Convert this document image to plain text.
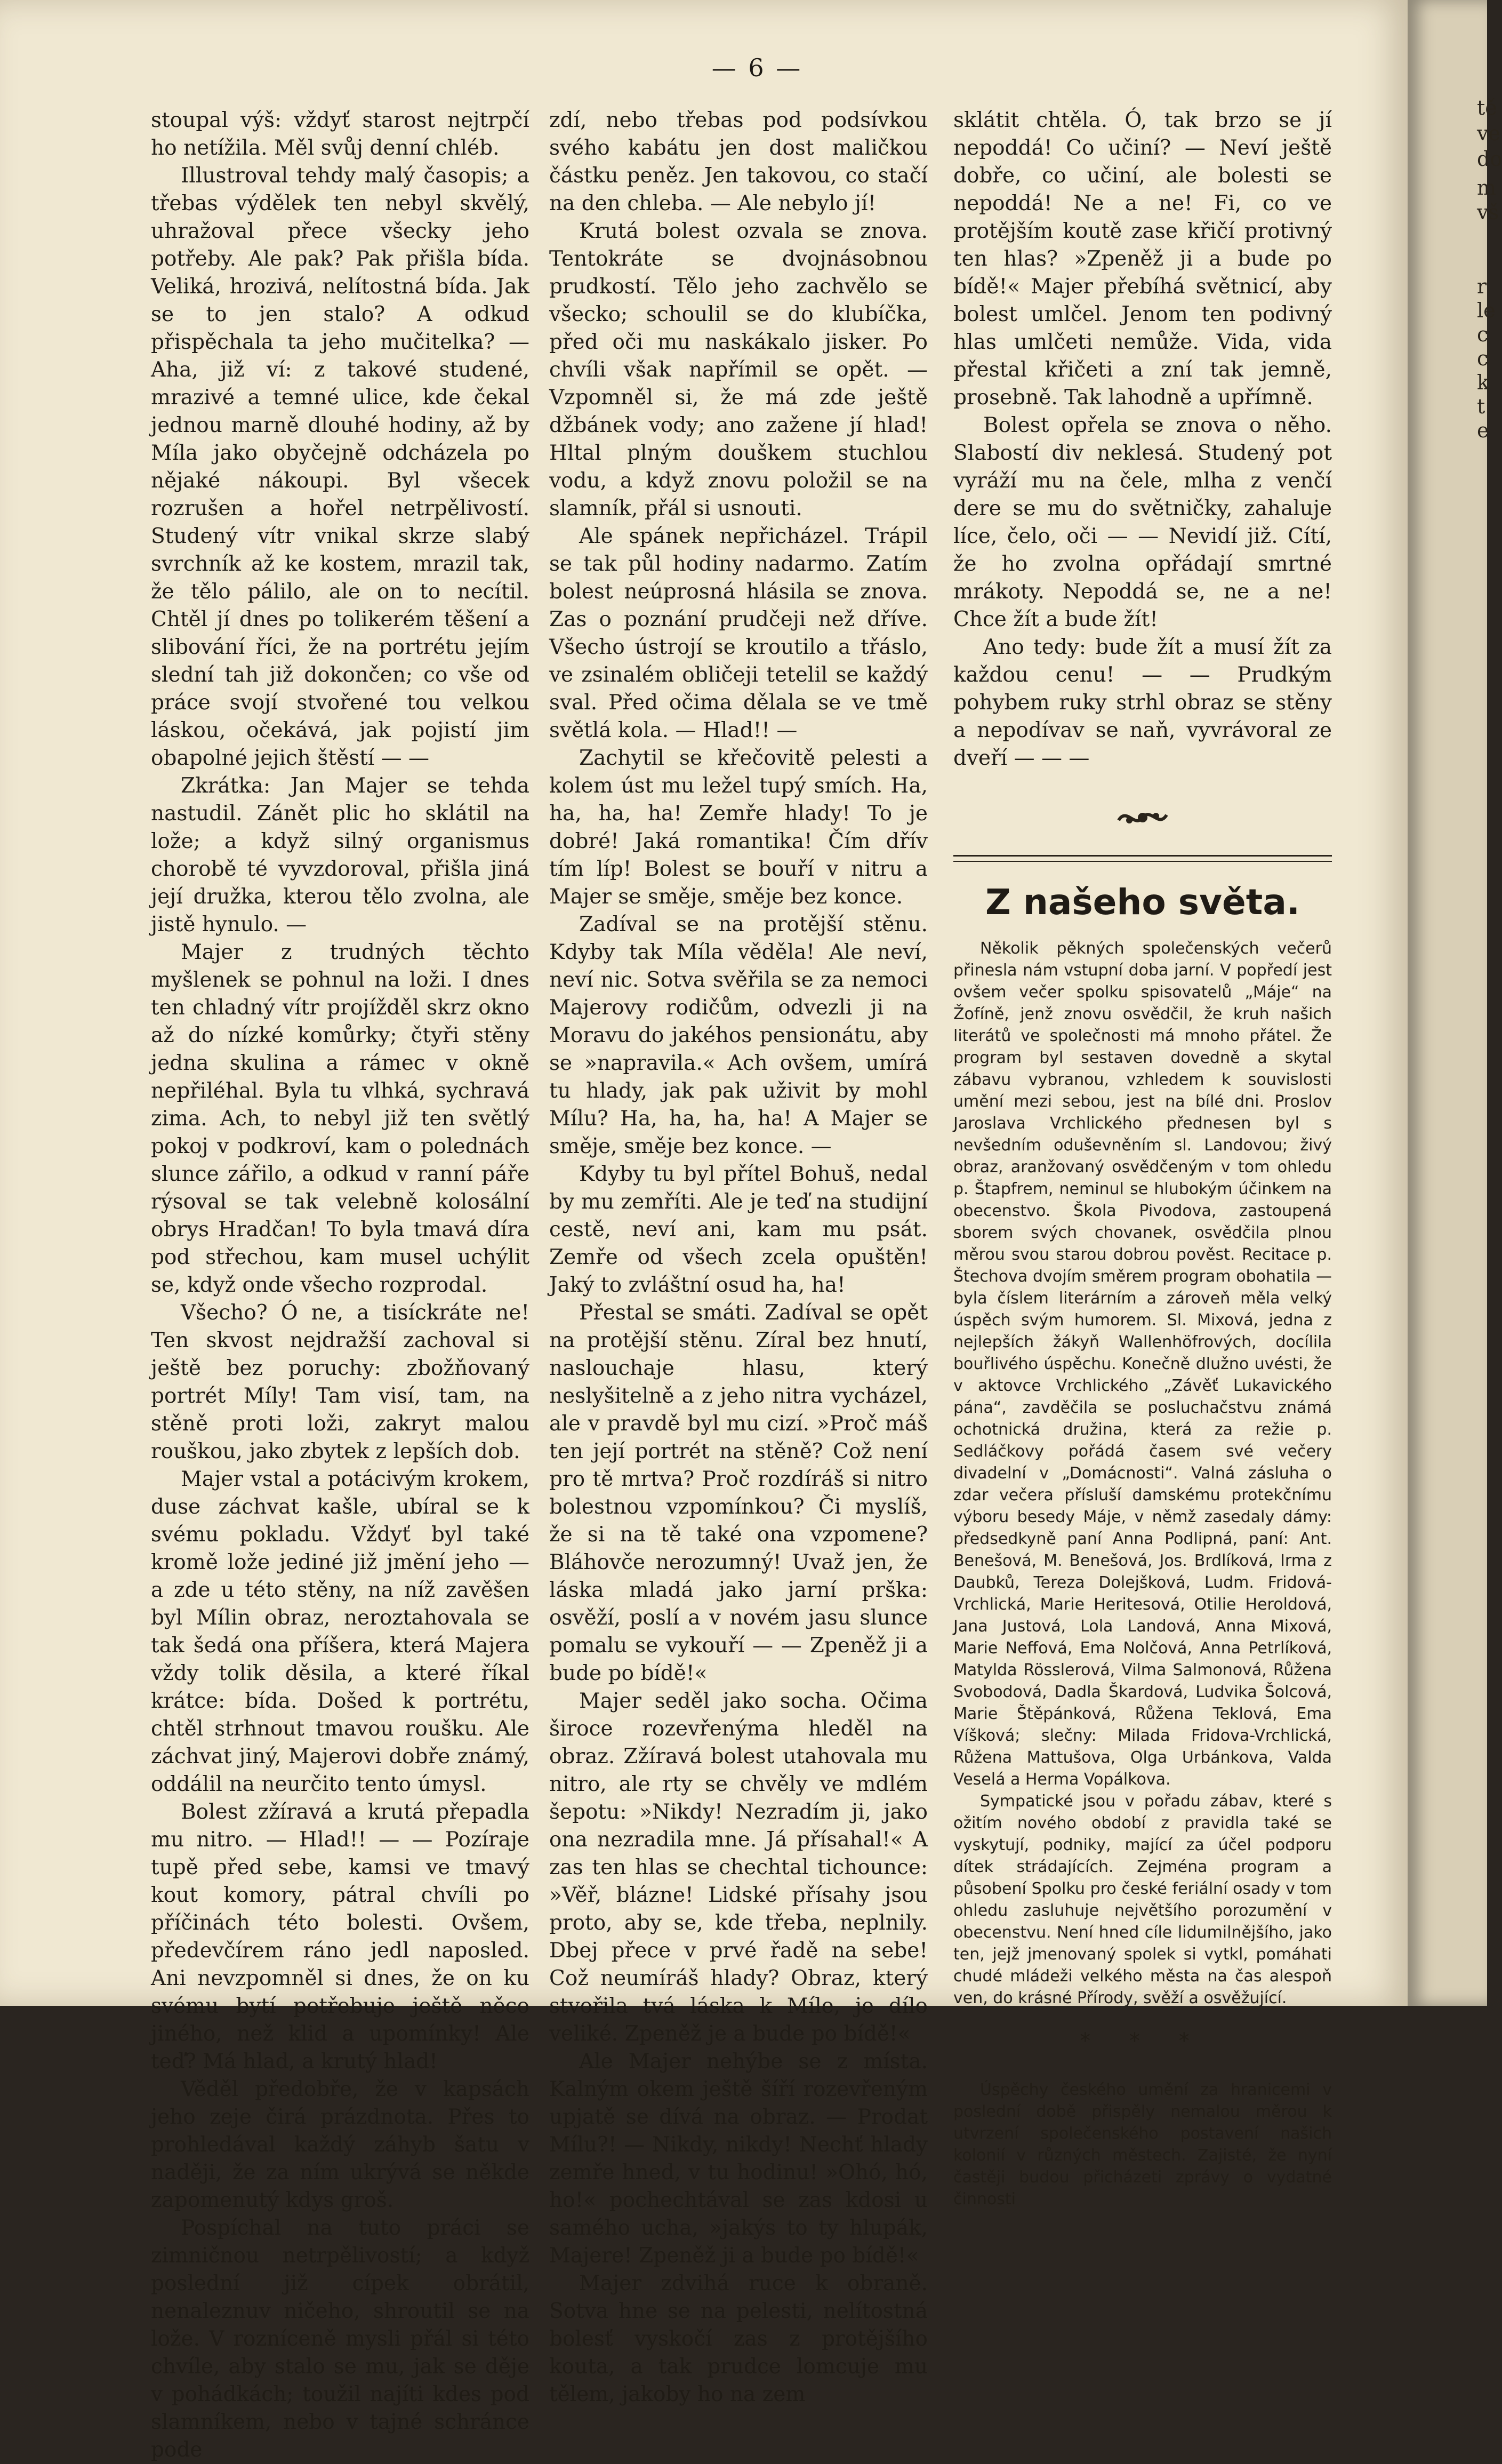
— 6 —

stoupal výš: vždyť starost nejtrpčí ho netížila. Měl svůj denní chléb.

Illustroval tehdy malý časopis; a třebas výdělek ten nebyl skvělý, uhražoval přece všecky jeho potřeby. Ale pak? Pak přišla bída. Veliká, hrozivá, nelítostná bída. Jak se to jen stalo? A odkud přispěchala ta jeho mučitelka? — Aha, již ví: z takové studené, mrazivé a temné ulice, kde čekal jednou marně dlouhé hodiny, až by Míla jako obyčejně odcházela po nějaké nákoupi. Byl všecek rozrušen a hořel netrpělivostí. Studený vítr vnikal skrze slabý svrchník až ke kostem, mrazil tak, že tělo pálilo, ale on to necítil. Chtěl jí dnes po tolikerém těšení a slibování říci, že na portrétu jejím slední tah již dokončen; co vše od práce svojí stvořené tou velkou láskou, očekává, jak pojistí jim obapolné jejich štěstí — —

Zkrátka: Jan Majer se tehda nastudil. Zánět plic ho sklátil na lože; a když silný organismus chorobě té vyvzdoroval, přišla jiná její družka, kterou tělo zvolna, ale jistě hynulo. —

Majer z trudných těchto myšlenek se pohnul na loži. I dnes ten chladný vítr projížděl skrz okno až do nízké komůrky; čtyři stěny jedna skulina a rámec v okně nepřiléhal. Byla tu vlhká, sychravá zima. Ach, to nebyl již ten světlý pokoj v podkroví, kam o polednách slunce zářilo, a odkud v ranní páře rýsoval se tak velebně kolosální obrys Hradčan! To byla tmavá díra pod střechou, kam musel uchýlit se, když onde všecho rozprodal.

Všecho? Ó ne, a tisíckráte ne! Ten skvost nejdražší zachoval si ještě bez poruchy: zbožňovaný portrét Míly! Tam visí, tam, na stěně proti loži, zakryt malou rouškou, jako zbytek z lepších dob.

Majer vstal a potácivým krokem, duse záchvat kašle, ubíral se k svému pokladu. Vždyť byl také kromě lože jediné již jmění jeho — a zde u této stěny, na níž zavěšen byl Mílin obraz, neroztahovala se tak šedá ona příšera, která Majera vždy tolik děsila, a které říkal krátce: bída. Došed k portrétu, chtěl strhnout tmavou roušku. Ale záchvat jiný, Majerovi dobře známý, oddálil na neurčito tento úmysl.

Bolest zžíravá a krutá přepadla mu nitro. — Hlad!! — — Pozíraje tupě před sebe, kamsi ve tmavý kout komory, pátral chvíli po příčinách této bolesti. Ovšem, předevčírem ráno jedl naposled. Ani nevzpomněl si dnes, že on ku svému bytí potřebuje ještě něco jiného, než klid a upomínky! Ale teď? Má hlad, a krutý hlad!

Věděl předobře, že v kapsách jeho zeje čirá prázdnota. Přes to prohledával každý záhyb šatu v naději, že za ním ukrývá se někde zapomenutý kdys groš.

Pospíchal na tuto práci se zimničnou netrpělivostí; a když poslední již cípek obrátil, nenaleznuv ničeho, shroutil se na lože. V rozníceně mysli přál si této chvíle, aby stalo se mu, jak se děje v pohádkách; toužil najíti kdes pod slamníkem, nebo v tajné schránce pode

zdí, nebo třebas pod podsívkou svého kabátu jen dost maličkou částku peněz. Jen takovou, co stačí na den chleba. — Ale nebylo jí!

Krutá bolest ozvala se znova. Tentokráte se dvojnásobnou prudkostí. Tělo jeho zachvělo se všecko; schoulil se do klubíčka, před oči mu naskákalo jisker. Po chvíli však napřímil se opět. — Vzpomněl si, že má zde ještě džbánek vody; ano zažene jí hlad! Hltal plným douškem stuchlou vodu, a když znovu položil se na slamník, přál si usnouti.

Ale spánek nepřicházel. Trápil se tak půl hodiny nadarmo. Zatím bolest neúprosná hlásila se znova. Zas o poznání prudčeji než dříve. Všecho ústrojí se kroutilo a třáslo, ve zsinalém obličeji tetelil se každý sval. Před očima dělala se ve tmě světlá kola. — Hlad!! —

Zachytil se křečovitě pelesti a kolem úst mu ležel tupý smích. Ha, ha, ha, ha! Zemře hlady! To je dobré! Jaká romantika! Čím dřív tím líp! Bolest se bouří v nitru a Majer se směje, směje bez konce.

Zadíval se na protější stěnu. Kdyby tak Míla věděla! Ale neví, neví nic. Sotva svěřila se za nemoci Majerovy rodičům, odvezli ji na Moravu do jakéhos pensionátu, aby se »napravila.« Ach ovšem, umírá tu hlady, jak pak uživit by mohl Mílu? Ha, ha, ha, ha! A Majer se směje, směje bez konce. —

Kdyby tu byl přítel Bohuš, nedal by mu zemříti. Ale je teď na studijní cestě, neví ani, kam mu psát. Zemře od všech zcela opuštěn! Jaký to zvláštní osud ha, ha!

Přestal se smáti. Zadíval se opět na protější stěnu. Zíral bez hnutí, naslouchaje hlasu, který neslyšitelně a z jeho nitra vycházel, ale v pravdě byl mu cizí. »Proč máš ten její portrét na stěně? Což není pro tě mrtva? Proč rozdíráš si nitro bolestnou vzpomínkou? Či myslíš, že si na tě také ona vzpomene? Bláhovče nerozumný! Uvaž jen, že láska mladá jako jarní prška: osvěží, poslí a v novém jasu slunce pomalu se vykouří — — Zpeněž ji a bude po bídě!«

Majer seděl jako socha. Očima široce rozevřenýma hleděl na obraz. Zžíravá bolest utahovala mu nitro, ale rty se chvěly ve mdlém šepotu: »Nikdy! Nezradím ji, jako ona nezradila mne. Já přísahal!« A zas ten hlas se chechtal tichounce: »Věř, blázne! Lidské přísahy jsou proto, aby se, kde třeba, neplnily. Dbej přece v prvé řadě na sebe! Což neumíráš hlady? Obraz, který stvořila tvá láska k Míle, je dílo veliké. Zpeněž je a bude po bídě!«

Ale Majer nehýbe se z místa. Kalným okem ještě šíří rozevřeným upjatě se dívá na obraz. — Prodat Mílu?! — Nikdy, nikdy! Nechť hlady zemře hned, v tu hodinu! »Ohó, hó, ho!« pochechtával se zas kdosi u samého ucha, »jakýs to ty hlupák, Majere! Zpeněž ji a bude po bídě!«

Majer zdvihá ruce k obraně. Sotva hne se na pelesti, nelítostná bolesť vyskočí zas z protějšího kouta, a tak prudce lomcuje mu tělem, jakoby ho na zem

sklátit chtěla. Ó, tak brzo se jí nepoddá! Co učiní? — Neví ještě dobře, co učiní, ale bolesti se nepoddá! Ne a ne! Fi, co ve protějším koutě zase křičí protivný ten hlas? »Zpeněž ji a bude po bídě!« Majer přebíhá světnicí, aby bolest umlčel. Jenom ten podivný hlas umlčeti nemůže. Vida, vida přestal křičeti a zní tak jemně, prosebně. Tak lahodně a upřímně.

Bolest opřela se znova o něho. Slabostí div neklesá. Studený pot vyráží mu na čele, mlha z venčí dere se mu do světničky, zahaluje líce, čelo, oči — — Nevidí již. Cítí, že ho zvolna opřádají smrtné mrákoty. Nepoddá se, ne a ne! Chce žít a bude žít!

Ano tedy: bude žít a musí žít za každou cenu! — — Prudkým pohybem ruky strhl obraz se stěny a nepodívav se naň, vyvrávoral ze dveří — — —

Z našeho světa.

Několik pěkných společenských večerů přinesla nám vstupní doba jarní. V popředí jest ovšem večer spolku spisovatelů „Máje“ na Žofíně, jenž znovu osvědčil, že kruh našich literátů ve společnosti má mnoho přátel. Že program byl sestaven dovedně a skytal zábavu vybranou, vzhledem k souvislosti umění mezi sebou, jest na bílé dni. Proslov Jaroslava Vrchlického přednesen byl s nevšedním oduševněním sl. Landovou; živý obraz, aranžovaný osvědčeným v tom ohledu p. Štapfrem, neminul se hlubokým účinkem na obecenstvo. Škola Pivodova, zastoupená sborem svých chovanek, osvědčila plnou měrou svou starou dobrou pověst. Recitace p. Štechova dvojím směrem program obohatila — byla číslem literárním a zároveň měla velký úspěch svým humorem. Sl. Mixová, jedna z nejlepších žákyň Wallenhöfrových, docílila bouřlivého úspěchu. Konečně dlužno uvésti, že v aktovce Vrchlického „Závěť Lukavického pána“, zavděčila se posluchačstvu známá ochotnická družina, která za režie p. Sedláčkovy pořádá časem své večery divadelní v „Domácnosti“. Valná zásluha o zdar večera přísluší damskému protekčnímu výboru besedy Máje, v němž zasedaly dámy: předsedkyně paní Anna Podlipná, paní: Ant. Benešová, M. Benešová, Jos. Brdlíková, Irma z Daubků, Tereza Dolejšková, Ludm. Fridová-Vrchlická, Marie Heritesová, Otilie Heroldová, Jana Justová, Lola Landová, Anna Mixová, Marie Neffová, Ema Nolčová, Anna Petrlíková, Matylda Rösslerová, Vilma Salmonová, Růžena Svobodová, Dadla Škardová, Ludvika Šolcová, Marie Štěpánková, Růžena Teklová, Ema Víšková; slečny: Milada Fridova-Vrchlická, Růžena Mattušova, Olga Urbánkova, Valda Veselá a Herma Vopálkova.

Sympatické jsou v pořadu zábav, které s ožitím nového období z pravidla také se vyskytují, podniky, mající za účel podporu dítek strádajících. Zejména program a působení Spolku pro české feriální osady v tom ohledu zasluhuje největšího porozumění v obecenstvu. Není hned cíle lidumilnějšího, jako ten, jejž jmenovaný spolek si vytkl, pomáhati chudé mládeži velkého města na čas alespoň ven, do krásné Přírody, svěží a osvěžující.

* * *

Úspěchy českého umění za hranicemi v poslední době přispěly nemalou měrou k utvrzení společenského postavení našich kolonií v různých městech. Zajisté, že nyní častěji budou přicházeti zprávy o vydatné činnosti

tě
ve
do
m
vš
r
le
c
c
k
t
e
